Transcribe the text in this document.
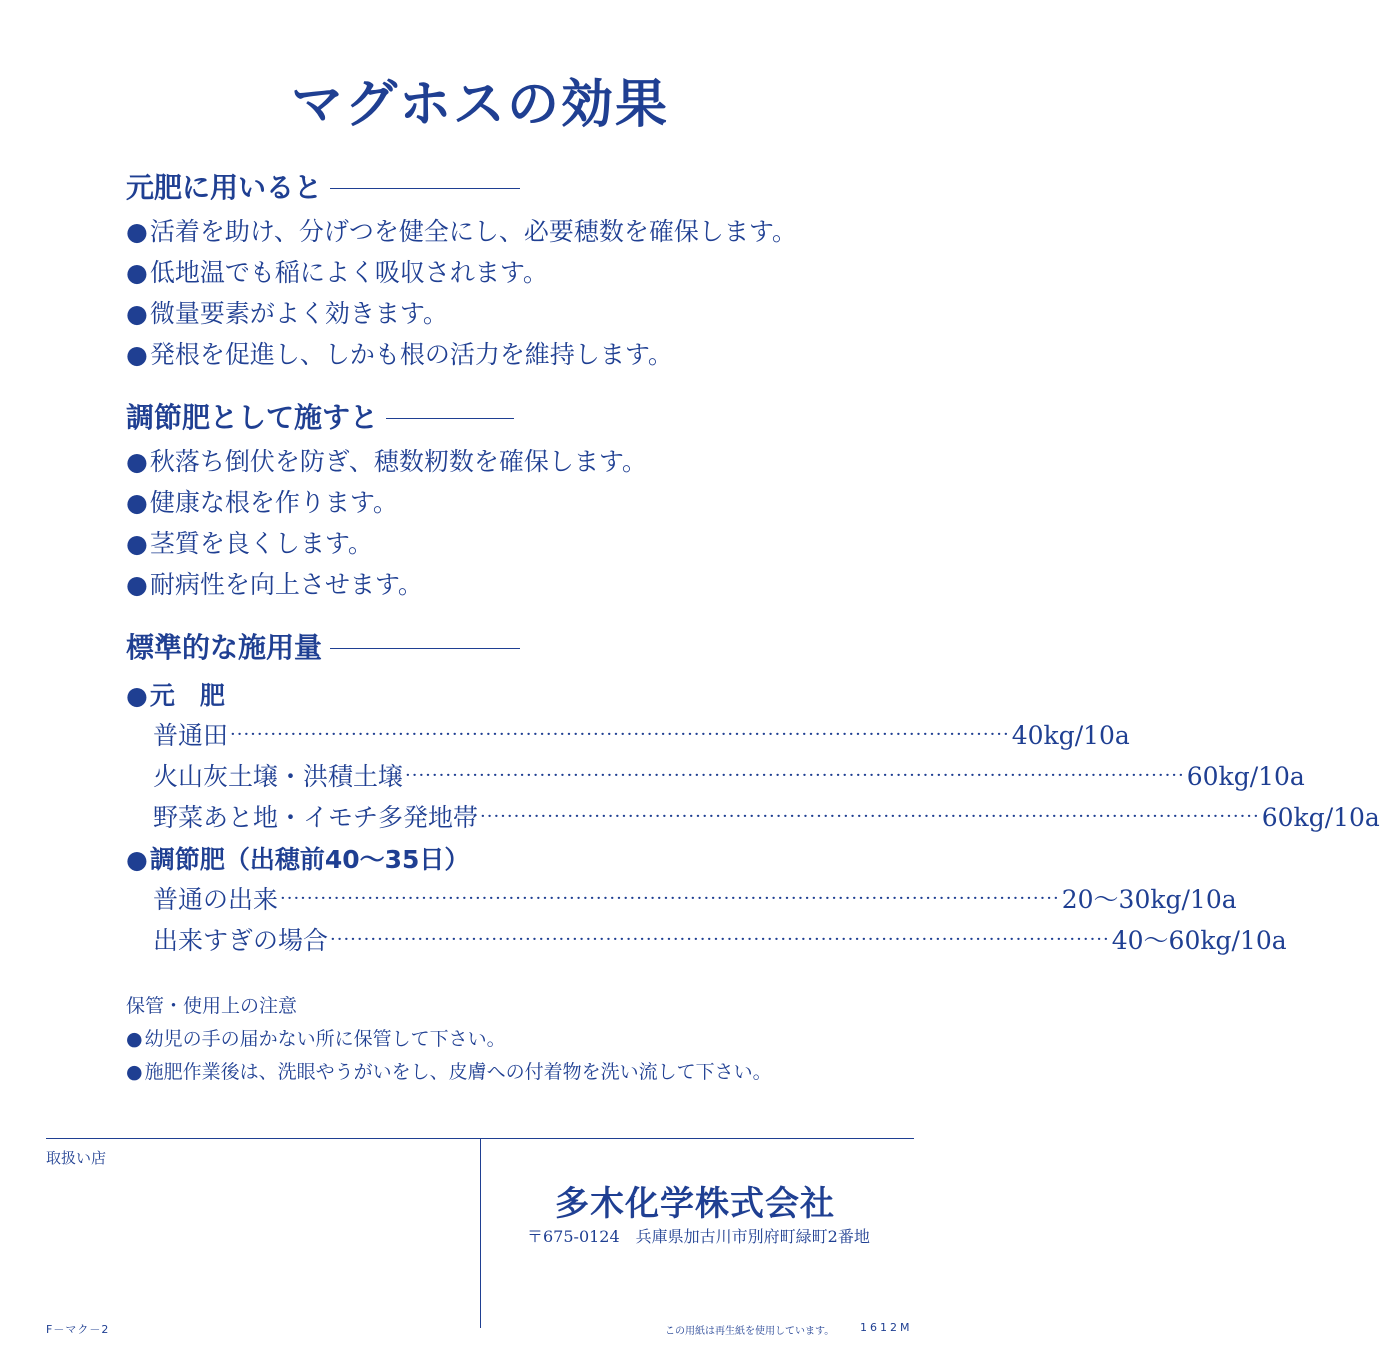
マグホスの効果
元肥に用いると
●活着を助け、分げつを健全にし、必要穂数を確保します。
●低地温でも稲によく吸収されます。
●微量要素がよく効きます。
●発根を促進し、しかも根の活力を維持します。
調節肥として施すと
●秋落ち倒伏を防ぎ、穂数籾数を確保します。
●健康な根を作ります。
●茎質を良くします。
●耐病性を向上させます。
標準的な施用量
●元　肥
普通田 ···················································································································· 40kg/10a
火山灰土壌・洪積土壌 ···················································································································· 60kg/10a
野菜あと地・イモチ多発地帯 ···················································································································· 60kg/10a
●調節肥（出穂前40〜35日）
普通の出来 ···················································································································· 20〜30kg/10a
出来すぎの場合 ···················································································································· 40〜60kg/10a
保管・使用上の注意
● 幼児の手の届かない所に保管して下さい。
● 施肥作業後は、洗眼やうがいをし、皮膚への付着物を洗い流して下さい。
取扱い店
多木化学株式会社
〒675-0124　兵庫県加古川市別府町緑町2番地
F－マク－2	この用紙は再生紙を使用しています。 1612M
